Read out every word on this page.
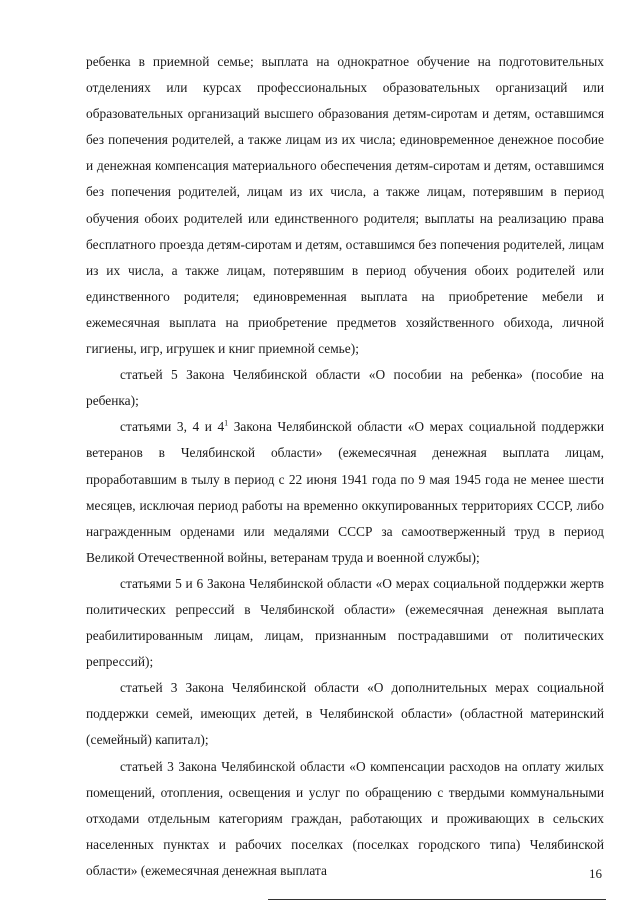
ребенка в приемной семье; выплата на однократное обучение на подготовительных отделениях или курсах профессиональных образовательных организаций или образовательных организаций высшего образования детям-сиротам и детям, оставшимся без попечения родителей, а также лицам из их числа; единовременное денежное пособие и денежная компенсация материального обеспечения детям-сиротам и детям, оставшимся без попечения родителей, лицам из их числа, а также лицам, потерявшим в период обучения обоих родителей или единственного родителя; выплаты на реализацию права бесплатного проезда детям-сиротам и детям, оставшимся без попечения родителей, лицам из их числа, а также лицам, потерявшим в период обучения обоих родителей или единственного родителя; единовременная выплата на приобретение мебели и ежемесячная выплата на приобретение предметов хозяйственного обихода, личной гигиены, игр, игрушек и книг приемной семье);

статьей 5 Закона Челябинской области «О пособии на ребенка» (пособие на ребенка);

статьями 3, 4 и $4^1$ Закона Челябинской области «О мерах социальной поддержки ветеранов в Челябинской области» (ежемесячная денежная выплата лицам, проработавшим в тылу в период с 22 июня 1941 года по 9 мая 1945 года не менее шести месяцев, исключая период работы на временно оккупированных территориях СССР, либо награжденным орденами или медалями СССР за самоотверженный труд в период Великой Отечественной войны, ветеранам труда и военной службы);

статьями 5 и 6 Закона Челябинской области «О мерах социальной поддержки жертв политических репрессий в Челябинской области» (ежемесячная денежная выплата реабилитированным лицам, лицам, признанным пострадавшими от политических репрессий);

статьей 3 Закона Челябинской области «О дополнительных мерах социальной поддержки семей, имеющих детей, в Челябинской области» (областной материнский (семейный) капитал);

статьей 3 Закона Челябинской области «О компенсации расходов на оплату жилых помещений, отопления, освещения и услуг по обращению с твердыми коммунальными отходами отдельным категориям граждан, работающих и проживающих в сельских населенных пунктах и рабочих поселках (поселках городского типа) Челябинской области» (ежемесячная денежная выплата	16
